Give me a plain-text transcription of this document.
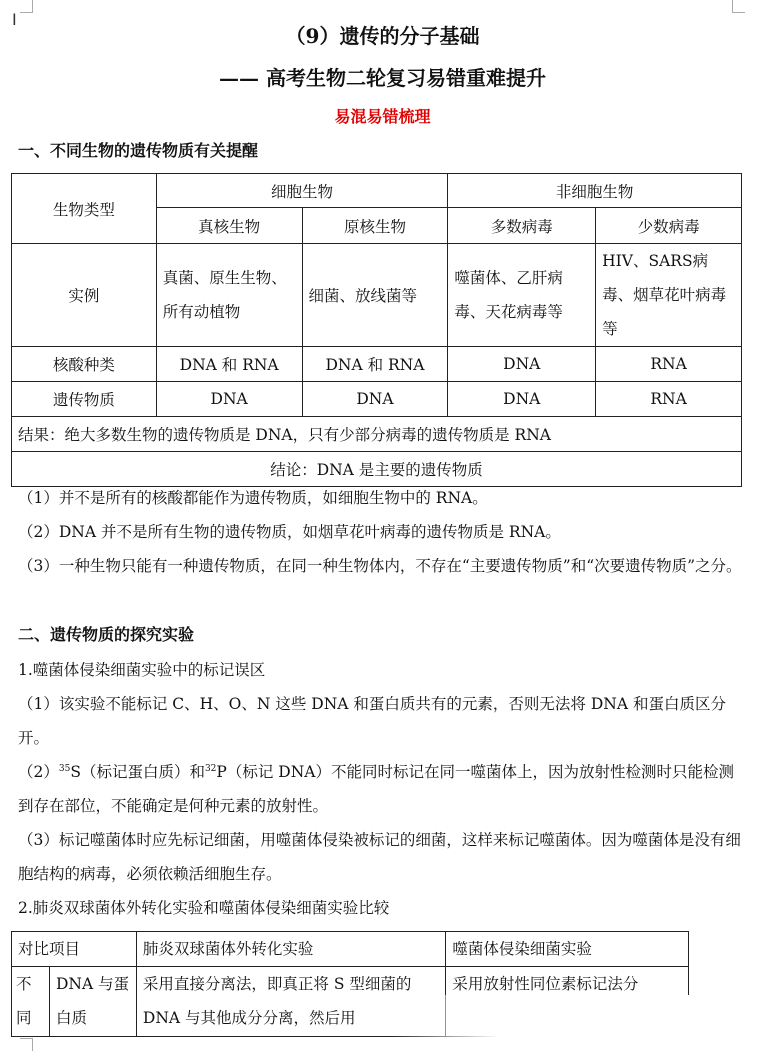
I
（9）遗传的分子基础
—— 高考生物二轮复习易错重难提升
易混易错梳理
一、不同生物的遗传物质有关提醒
生物类型	细胞生物		非细胞生物	
	真核生物	原核生物	多数病毒	少数病毒
实例	真菌、原生生物、所有动植物	细菌、放线菌等	噬菌体、乙肝病毒、天花病毒等	HIV、SARS病毒、烟草花叶病毒等
核酸种类	DNA 和 RNA	DNA 和 RNA	DNA	RNA
遗传物质	DNA	DNA	DNA	RNA
结果：绝大多数生物的遗传物质是 DNA，只有少部分病毒的遗传物质是 RNA				
结论：DNA 是主要的遗传物质				
（1）并不是所有的核酸都能作为遗传物质，如细胞生物中的 RNA。
（2）DNA 并不是所有生物的遗传物质，如烟草花叶病毒的遗传物质是 RNA。
（3）一种生物只能有一种遗传物质，在同一种生物体内，不存在“主要遗传物质”和“次要遗传物质”之分。
二、遗传物质的探究实验
1.噬菌体侵染细菌实验中的标记误区
（1）该实验不能标记 C、H、O、N 这些 DNA 和蛋白质共有的元素，否则无法将 DNA 和蛋白质区分开。
$(2)^{35}S$（标记蛋白质）和$^{32}$P（标记 DNA）不能同时标记在同一噬菌体上，因为放射性检测时只能检测到存在部位，不能确定是何种元素的放射性。
（3）标记噬菌体时应先标记细菌，用噬菌体侵染被标记的细菌，这样来标记噬菌体。因为噬菌体是没有细胞结构的病毒，必须依赖活细胞生存。
2.肺炎双球菌体外转化实验和噬菌体侵染细菌实验比较
对比项目		肺炎双球菌体外转化实验	噬菌体侵染细菌实验
不同	DNA 与蛋白质	采用直接分离法，即真正将 S 型细菌的 DNA 与其他成分分离，然后用	采用放射性同位素标记法分
